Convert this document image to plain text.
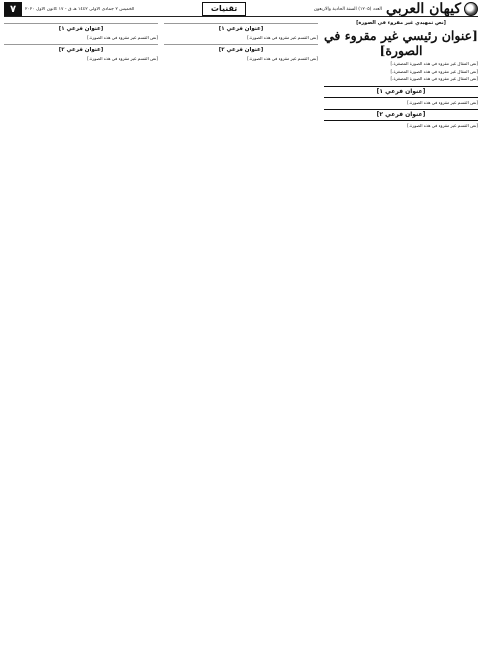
كيهان العربي
العدد (۱۲۰۵) السنة الحادية والاربعون
تقنيات
الخميس ۲ جمادى الاولى ۱٤٤۲ هـ ق - ۱۷ كانون الاول ۲۰۲۰
٧
[نص تمهيدي غير مقروء في الصورة]
[عنوان رئيسي غير مقروء في الصورة]

[نص المقال غير مقروء في هذه الصورة المصغرة.]

[نص المقال غير مقروء في هذه الصورة المصغرة.]

[نص المقال غير مقروء في هذه الصورة المصغرة.]

[عنوان فرعي ١]

[نص القسم غير مقروء في هذه الصورة.]

[عنوان فرعي ٢]

[نص القسم غير مقروء في هذه الصورة.]

[عنوان فرعي ١]

[نص القسم غير مقروء في هذه الصورة.]

[عنوان فرعي ٢]

[نص القسم غير مقروء في هذه الصورة.]

[عنوان فرعي ١]

[نص القسم غير مقروء في هذه الصورة.]

[عنوان فرعي ٢]

[نص القسم غير مقروء في هذه الصورة.]
